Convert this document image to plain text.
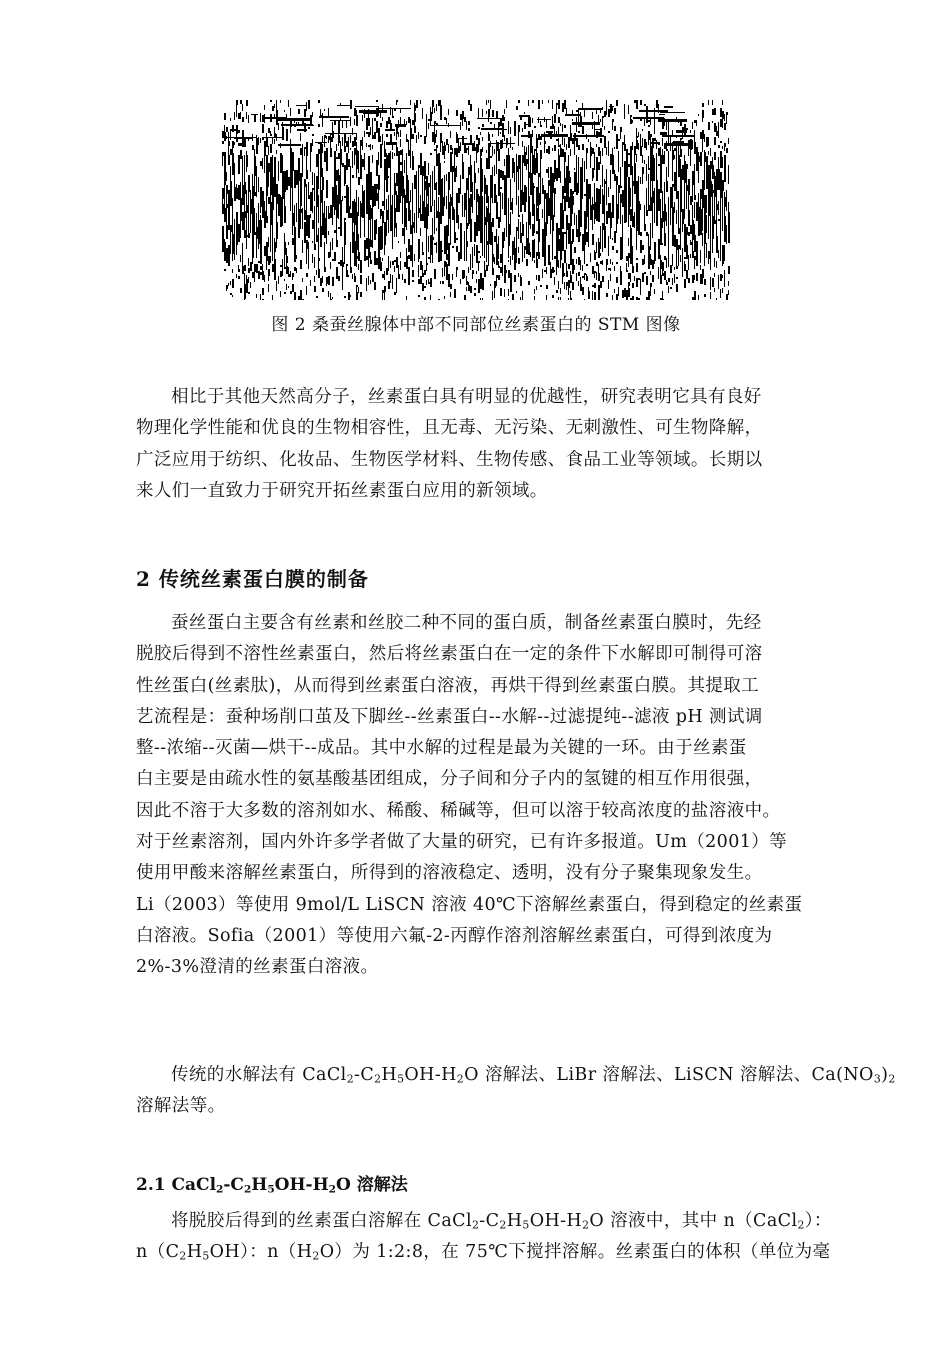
图 2 桑蚕丝腺体中部不同部位丝素蛋白的 STM 图像
相比于其他天然高分子，丝素蛋白具有明显的优越性，研究表明它具有良好
物理化学性能和优良的生物相容性，且无毒、无污染、无刺激性、可生物降解，
广泛应用于纺织、化妆品、生物医学材料、生物传感、食品工业等领域。长期以
来人们一直致力于研究开拓丝素蛋白应用的新领域。
2 传统丝素蛋白膜的制备
蚕丝蛋白主要含有丝素和丝胶二种不同的蛋白质，制备丝素蛋白膜时，先经
脱胶后得到不溶性丝素蛋白，然后将丝素蛋白在一定的条件下水解即可制得可溶
性丝蛋白(丝素肽)，从而得到丝素蛋白溶液，再烘干得到丝素蛋白膜。其提取工
艺流程是：蚕种场削口茧及下脚丝--丝素蛋白--水解--过滤提纯--滤液 pH 测试调
整--浓缩--灭菌—烘干--成品。其中水解的过程是最为关键的一环。由于丝素蛋
白主要是由疏水性的氨基酸基团组成，分子间和分子内的氢键的相互作用很强，
因此不溶于大多数的溶剂如水、稀酸、稀碱等，但可以溶于较高浓度的盐溶液中。
对于丝素溶剂，国内外许多学者做了大量的研究，已有许多报道。Um（2001）等
使用甲酸来溶解丝素蛋白，所得到的溶液稳定、透明，没有分子聚集现象发生。
Li（2003）等使用 9mol/L LiSCN 溶液 40℃下溶解丝素蛋白，得到稳定的丝素蛋
白溶液。Sofia（2001）等使用六氟-2-丙醇作溶剂溶解丝素蛋白，可得到浓度为
2%-3%澄清的丝素蛋白溶液。
传统的水解法有 $CaCl_2-C_2H_5OH-H_2O$ 溶解法、LiBr 溶解法、LiSCN 溶解法、$Ca(NO_3)_2$
溶解法等。
2.1 $CaCl_2-C_2H_5OH-H_2O$ 溶解法
将脱胶后得到的丝素蛋白溶解在 $CaCl_2-C_2H_5OH-H_2O$ 溶液中，其中 n（CaCl$_2$）：
$n(C_2H_5OH)$：$n(H_2O)$为 1:2:8，在 75℃下搅拌溶解。丝素蛋白的体积（单位为毫
